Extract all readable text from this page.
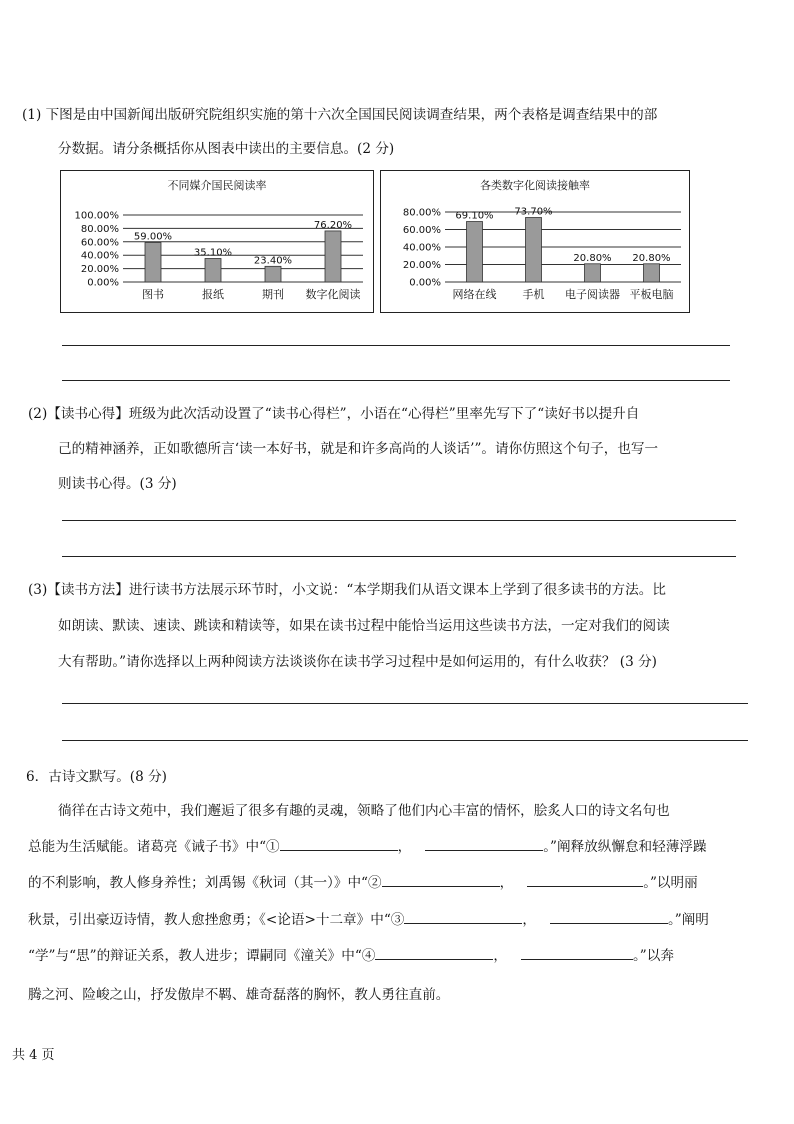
(1) 下图是由中国新闻出版研究院组织实施的第十六次全国国民阅读调查结果，两个表格是调查结果中的部
分数据。请分条概括你从图表中读出的主要信息。(2 分)
不同媒介国民阅读率
100.00%
80.00%
60.00%
40.00%
20.00%
0.00%
59.00%
图书
35.10%
报纸
23.40%
期刊
76.20%
数字化阅读
各类数字化阅读接触率
80.00%
60.00%
40.00%
20.00%
0.00%
69.10%
网络在线
73.70%
手机
20.80%
电子阅读器
20.80%
平板电脑
(2)【读书心得】班级为此次活动设置了“读书心得栏”，小语在“心得栏”里率先写下了“读好书以提升自
己的精神涵养，正如歌德所言‘读一本好书，就是和许多高尚的人谈话’”。请你仿照这个句子，也写一
则读书心得。(3 分)
(3)【读书方法】进行读书方法展示环节时，小文说：“本学期我们从语文课本上学到了很多读书的方法。比
如朗读、默读、速读、跳读和精读等，如果在读书过程中能恰当运用这些读书方法，一定对我们的阅读
大有帮助。”请你选择以上两种阅读方法谈谈你在读书学习过程中是如何运用的，有什么收获？ (3 分)
6．古诗文默写。(8 分)
徜徉在古诗文苑中，我们邂逅了很多有趣的灵魂，领略了他们内心丰富的情怀，脍炙人口的诗文名句也
总能为生活赋能。诸葛亮《诫子书》中“①	，	。”阐释放纵懈怠和轻薄浮躁
的不利影响，教人修身养性；刘禹锡《秋词（其一）》中“②	，	。”以明丽
秋景，引出豪迈诗情，教人愈挫愈勇；《<论语>十二章》中“③	，	。”阐明
“学”与“思”的辩证关系，教人进步；谭嗣同《潼关》中“④	，	。”以奔
腾之河、险峻之山，抒发傲岸不羁、雄奇磊落的胸怀，教人勇往直前。
共 4 页
